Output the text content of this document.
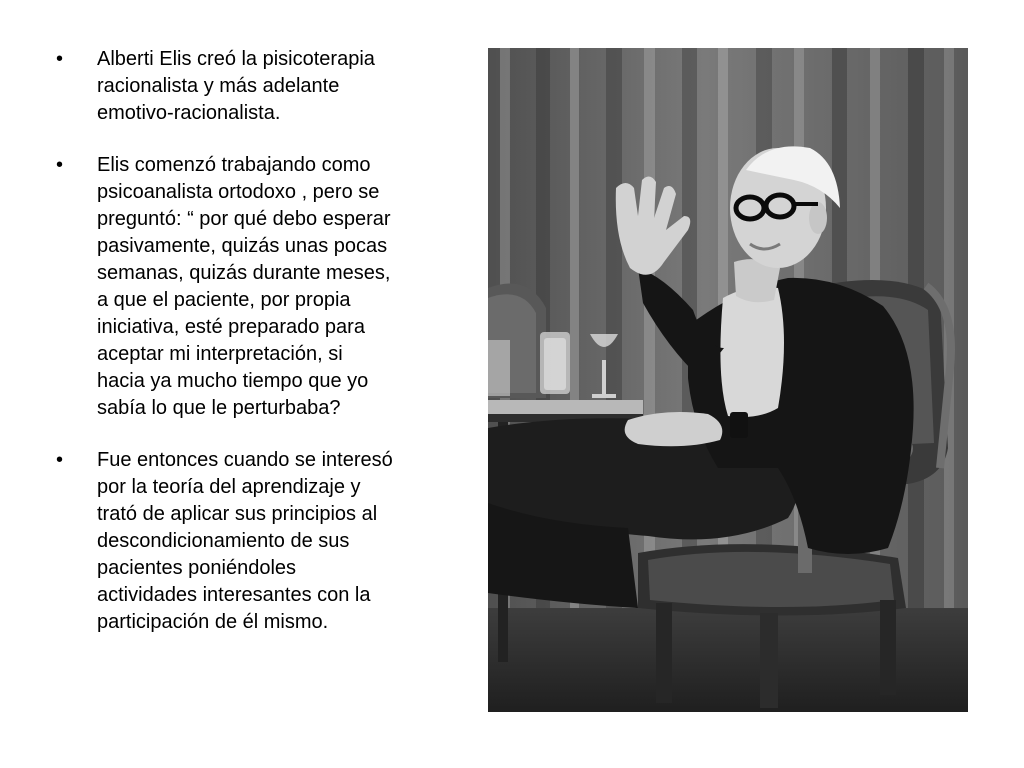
•	Alberti Elis creó la pisicoterapia racionalista y más adelante emotivo-racionalista.
•	Elis comenzó trabajando como psicoanalista ortodoxo , pero se preguntó: “ por qué debo esperar pasivamente, quizás unas pocas semanas, quizás durante meses, a que el paciente, por propia iniciativa, esté preparado para aceptar mi interpretación, si hacia ya mucho tiempo que yo sabía lo que le perturbaba?
•	Fue entonces cuando se interesó por la teoría del aprendizaje y trató de aplicar sus principios al descondicionamiento de sus pacientes poniéndoles actividades interesantes con la participación de él mismo.
